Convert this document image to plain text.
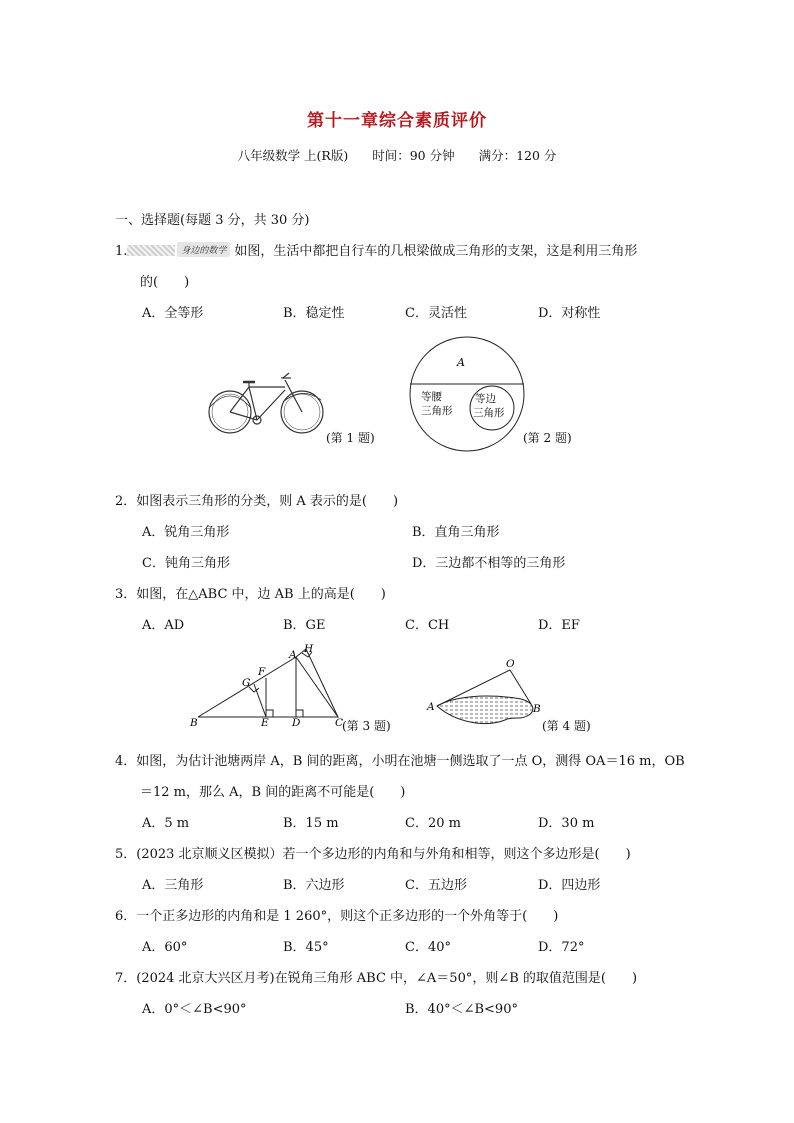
第十一章综合素质评价
八年级数学 上(R版) 时间：90 分钟 满分：120 分
一、选择题(每题 3 分，共 30 分)
1.	身边的数学 如图，生活中都把自行车的几根梁做成三角形的支架，这是利用三角形
的(　　)
A．全等形	B．稳定性	C．灵活性	D．对称性
(第 1 题)
A
等腰
三角形
等边
三角形
(第 2 题)
2．如图表示三角形的分类，则 A 表示的是(　　)
A．锐角三角形	B．直角三角形
C．钝角三角形	D．三边都不相等的三角形
3．如图，在△ABC 中，边 AB 上的高是(　　)
A．AD	B．GE	C．CH	D．EF
B
A H
C
D
E
F
G
(第 3 题)
O
A	B
(第 4 题)
4．如图，为估计池塘两岸 A，B 间的距离，小明在池塘一侧选取了一点 O，测得 OA＝16 m，OB
＝12 m，那么 A，B 间的距离不可能是(　　)
A．5 m	B．15 m	C．20 m	D．30 m
5．(2023 北京顺义区模拟）若一个多边形的内角和与外角和相等，则这个多边形是(　　)
A．三角形	B．六边形	C．五边形	D．四边形
6．一个正多边形的内角和是 1 260°，则这个正多边形的一个外角等于(　　)
A．60°	B．45°	C．40°	D．72°
7．(2024 北京大兴区月考)在锐角三角形 ABC 中，∠A＝50°，则∠B 的取值范围是(　　)
A．0°＜∠B<90°	B．40°＜∠B<90°
